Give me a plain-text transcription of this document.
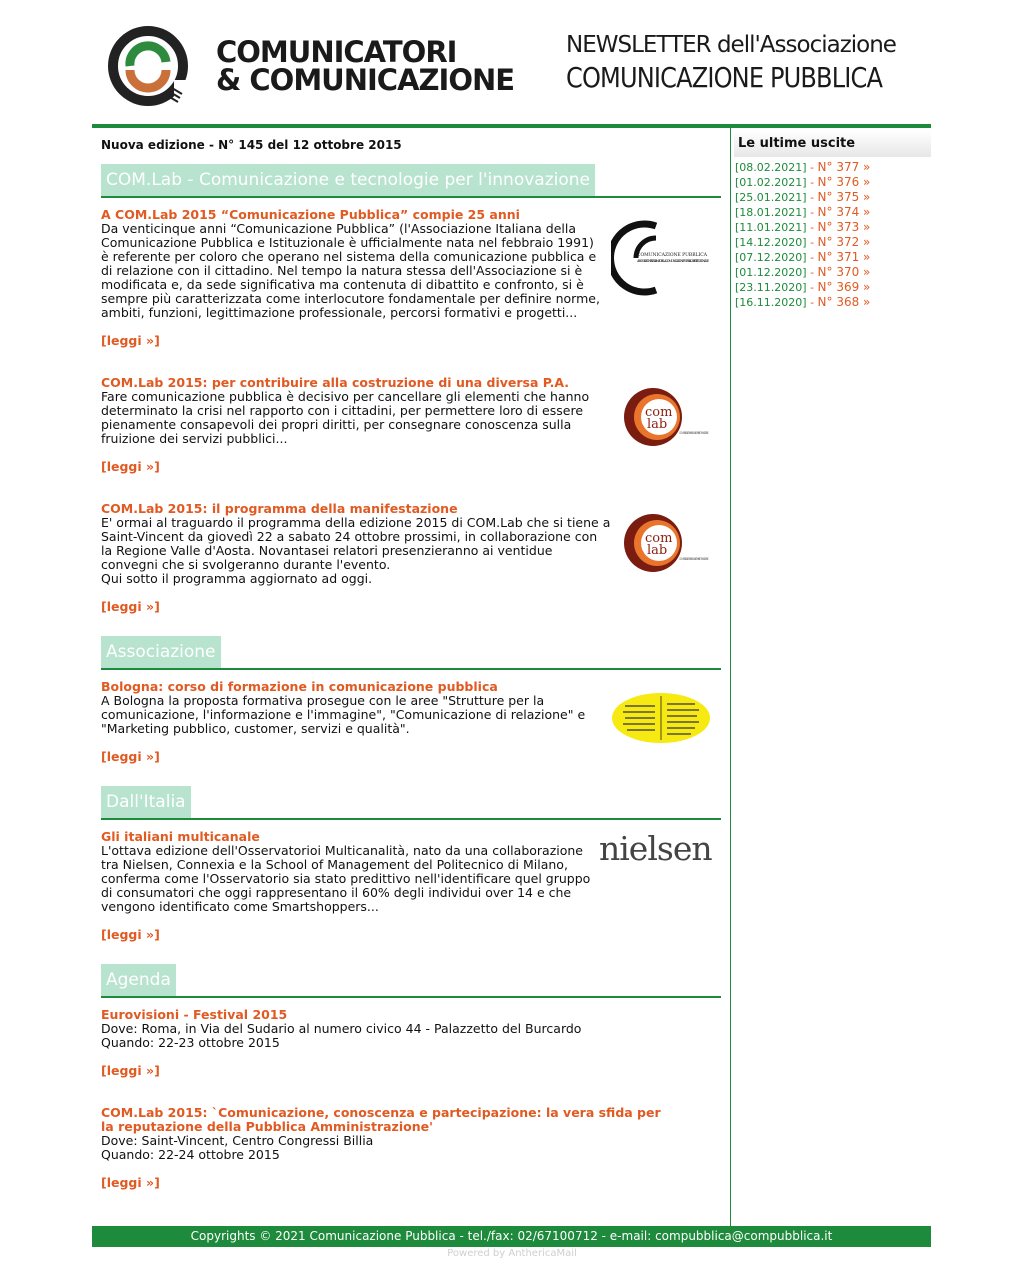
COMUNICATORI
& COMUNICAZIONE
NEWSLETTER dell'Associazione
COMUNICAZIONE PUBBLICA
Nuova edizione - N° 145 del 12 ottobre 2015
COM.Lab - Comunicazione e tecnologie per l'innovazione
A COM.Lab 2015 “Comunicazione Pubblica” compie 25 anni
Da venticinque anni “Comunicazione Pubblica” (l'Associazione Italiana della Comunicazione Pubblica e Istituzionale è ufficialmente nata nel febbraio 1991) è referente per coloro che operano nel sistema della comunicazione pubblica e di relazione con il cittadino. Nel tempo la natura stessa dell'Associazione si è modificata e, da sede significativa ma contenuta di dibattito e confronto, si è sempre più caratterizzata come interlocutore fondamentale per definire norme, ambiti, funzioni, legittimazione professionale, percorsi formativi e progetti...
[leggi »]
COMUNICAZIONE PUBBLICA
ASSOCIAZIONE ITALIANA DELLA COMUNICAZIONE PUBBLICA E ISTITUZIONALE
COM.Lab 2015: per contribuire alla costruzione di una diversa P.A.
Fare comunicazione pubblica è decisivo per cancellare gli elementi che hanno determinato la crisi nel rapporto con i cittadini, per permettere loro di essere pienamente consapevoli dei propri diritti, per consegnare conoscenza sulla fruizione dei servizi pubblici...
[leggi »]
com
lab
COMUNICAZIONE INNOVAZIONE INFORMAZIONE
COM.Lab 2015: il programma della manifestazione
E' ormai al traguardo il programma della edizione 2015 di COM.Lab che si tiene a Saint-Vincent da giovedì 22 a sabato 24 ottobre prossimi, in collaborazione con la Regione Valle d'Aosta. Novantasei relatori presenzieranno ai ventidue convegni che si svolgeranno durante l'evento.
Qui sotto il programma aggiornato ad oggi.
[leggi »]
com
lab
COMUNICAZIONE INNOVAZIONE INFORMAZIONE
Associazione
Bologna: corso di formazione in comunicazione pubblica
A Bologna la proposta formativa prosegue con le aree "Strutture per la comunicazione, l'informazione e l'immagine", "Comunicazione di relazione" e "Marketing pubblico, customer, servizi e qualità".
[leggi »]
Dall'Italia
Gli italiani multicanale
L'ottava edizione dell'Osservatorioi Multicanalità, nato da una collaborazione tra Nielsen, Connexia e la School of Management del Politecnico di Milano, conferma come l'Osservatorio sia stato predittivo nell'identificare quel gruppo di consumatori che oggi rappresentano il 60% degli individui over 14 e che vengono identificato come Smartshoppers...
[leggi »]
nielsen
Agenda
Eurovisioni - Festival 2015
Dove: Roma, in Via del Sudario al numero civico 44 - Palazzetto del Burcardo
Quando: 22-23 ottobre 2015
[leggi »]
COM.Lab 2015: `Comunicazione, conoscenza e partecipazione: la vera sfida per la reputazione della Pubblica Amministrazione'
Dove: Saint-Vincent, Centro Congressi Billia
Quando: 22-24 ottobre 2015
[leggi »]
Le ultime uscite
[08.02.2021] - N° 377 »
[01.02.2021] - N° 376 »
[25.01.2021] - N° 375 »
[18.01.2021] - N° 374 »
[11.01.2021] - N° 373 »
[14.12.2020] - N° 372 »
[07.12.2020] - N° 371 »
[01.12.2020] - N° 370 »
[23.11.2020] - N° 369 »
[16.11.2020] - N° 368 »
Copyrights © 2021 Comunicazione Pubblica - tel./fax: 02/67100712 - e-mail: compubblica@compubblica.it
Powered by AnthericaMail
